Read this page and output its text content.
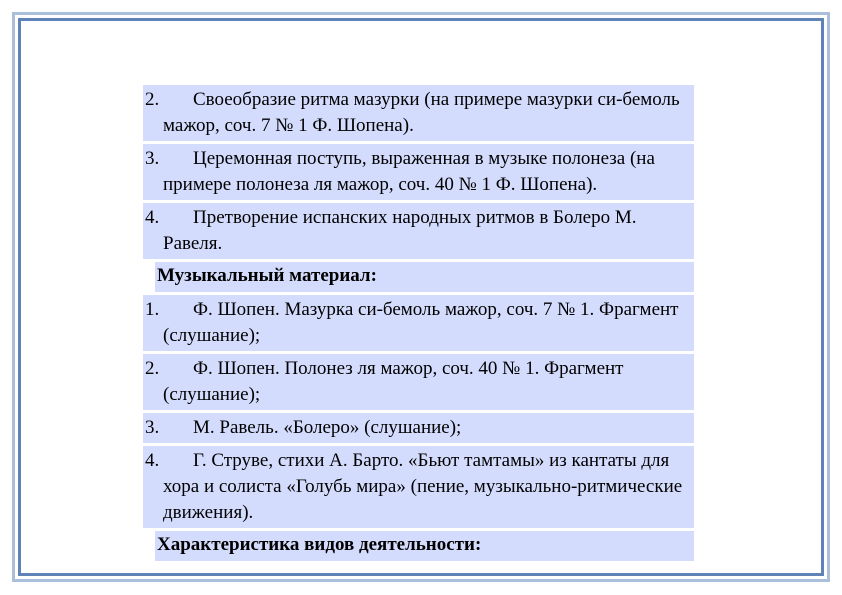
2.	Своеобразие ритма мазурки (на примере мазурки си-бемоль мажор, соч. 7 № 1 Ф. Шопена).
3.	Церемонная поступь, выраженная в музыке полонеза (на примере полонеза ля мажор, соч. 40 № 1 Ф. Шопена).
4.	Претворение испанских народных ритмов в Болеро М. Равеля.
Музыкальный материал:
1.	Ф. Шопен. Мазурка си-бемоль мажор, соч. 7 № 1. Фрагмент (слушание);
2.	Ф. Шопен. Полонез ля мажор, соч. 40 № 1. Фрагмент (слушание);
3.	М. Равель. «Болеро» (слушание);
4.	Г. Струве, стихи А. Барто. «Бьют тамтамы» из кантаты для хора и солиста «Голубь мира» (пение, музыкально-ритмические движения).
Характеристика видов деятельности:
